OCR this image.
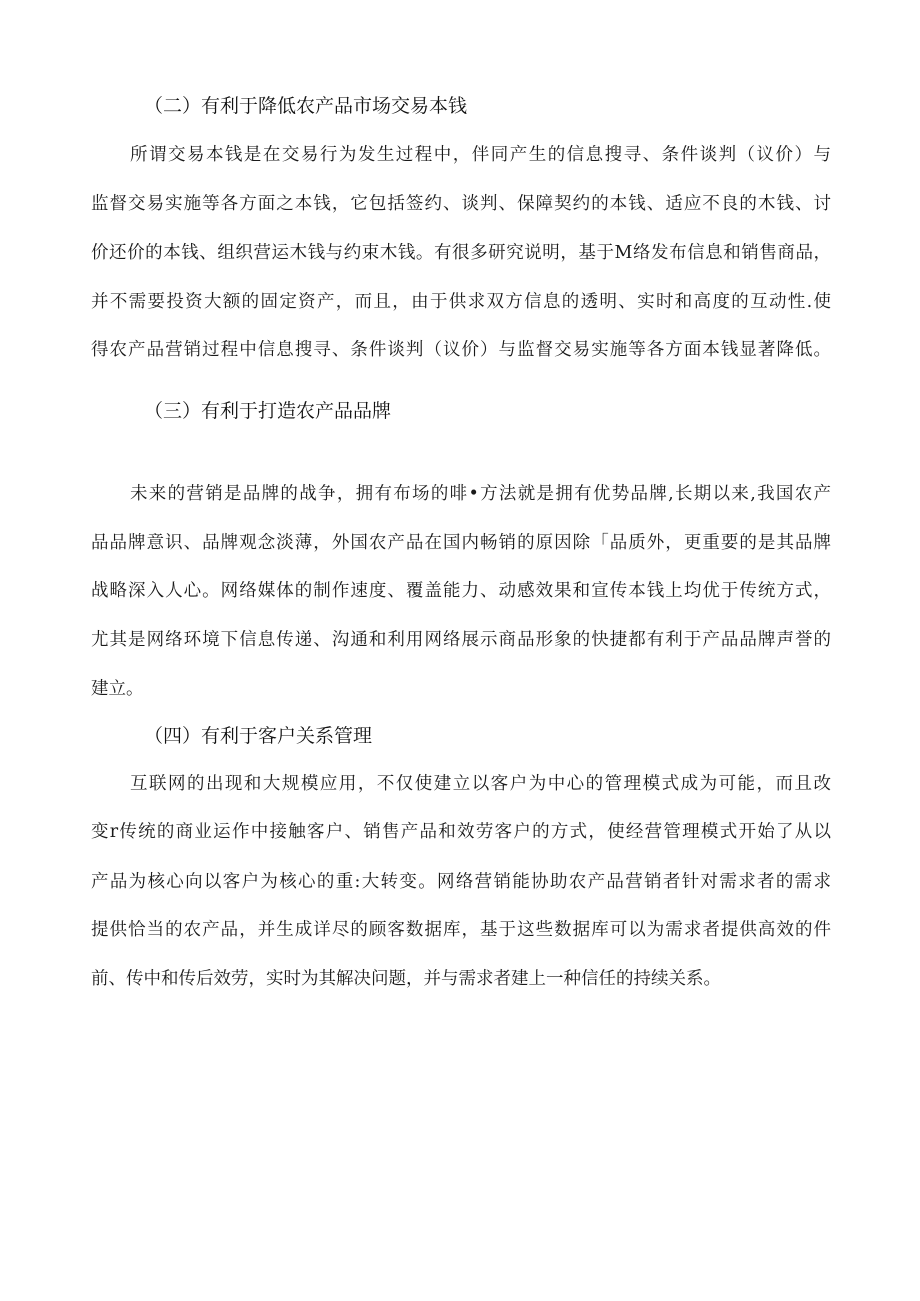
（二）有利于降低农产品市场交易本钱
所谓交易本钱是在交易行为发生过程中，伴同产生的信息搜寻、条件谈判（议价）与
监督交易实施等各方面之本钱，它包括签约、谈判、保障契约的本钱、适应不良的木钱、讨
价还价的本钱、组织营运木钱与约束木钱。有很多研究说明，基于M络发布信息和销售商品，
并不需要投资大额的固定资产，而且，由于供求双方信息的透明、实时和高度的互动性.使
得农产品营销过程中信息搜寻、条件谈判（议价）与监督交易实施等各方面本钱显著降低。
（三）有利于打造农产品品牌
未来的营销是品牌的战争，拥有布场的啡•方法就是拥有优势品牌,长期以来,我国农产
品品牌意识、品牌观念淡薄，外国农产品在国内畅销的原因除「品质外，更重要的是其品牌
战略深入人心。网络媒体的制作速度、覆盖能力、动感效果和宣传本钱上均优于传统方式，
尤其是网络环境下信息传递、沟通和利用网络展示商品形象的快捷都有利于产品品牌声誉的
建立。
（四）有利于客户关系管理
互联网的出现和大规模应用，不仅使建立以客户为中心的管理模式成为可能，而且改
变r传统的商业运作中接触客户、销售产品和效劳客户的方式，使经营管理模式开始了从以
产品为核心向以客户为核心的重:大转变。网络营销能协助农产品营销者针对需求者的需求
提供恰当的农产品，并生成详尽的顾客数据库，基于这些数据库可以为需求者提供高效的件
前、传中和传后效劳，实时为其解决问题，并与需求者建上一种信任的持续关系。
